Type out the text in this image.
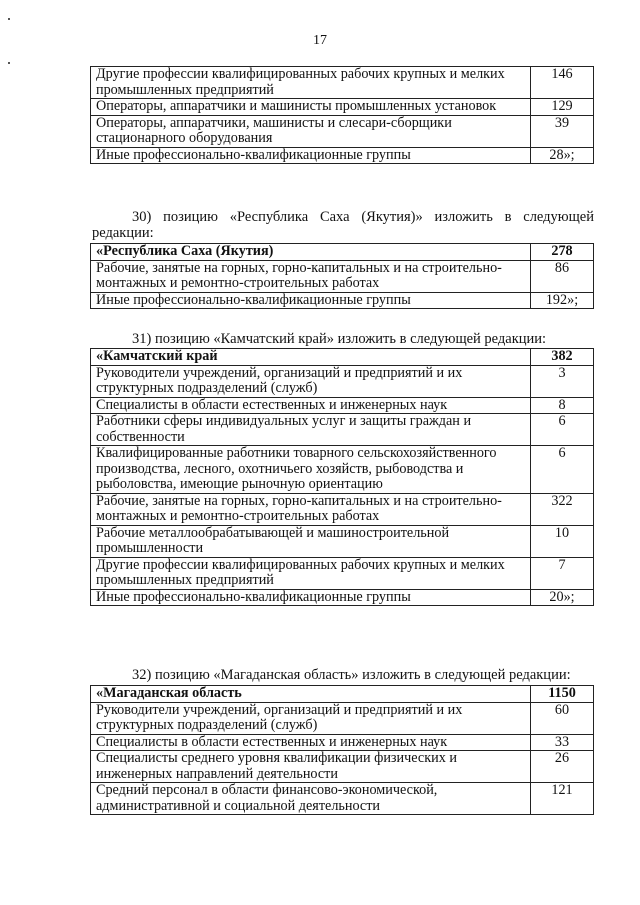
17
Другие профессии квалифицированных рабочих крупных и мелких промышленных предприятий	146
Операторы, аппаратчики и машинисты промышленных установок	129
Операторы, аппаратчики, машинисты и слесари-сборщики стационарного оборудования	39
Иные профессионально-квалификационные группы	28»;
30) позицию «Республика Саха (Якутия)» изложить в следующей редакции:
«Республика Саха (Якутия)	278
Рабочие, занятые на горных, горно-капитальных и на строительно-монтажных и ремонтно-строительных работах	86
Иные профессионально-квалификационные группы	192»;
31) позицию «Камчатский край» изложить в следующей редакции:
«Камчатский край	382
Руководители учреждений, организаций и предприятий и их структурных подразделений (служб)	3
Специалисты в области естественных и инженерных наук	8
Работники сферы индивидуальных услуг и защиты граждан и собственности	6
Квалифицированные работники товарного сельскохозяйственного производства, лесного, охотничьего хозяйств, рыбоводства и рыболовства, имеющие рыночную ориентацию	6
Рабочие, занятые на горных, горно-капитальных и на строительно-монтажных и ремонтно-строительных работах	322
Рабочие металлообрабатывающей и машиностроительной промышленности	10
Другие профессии квалифицированных рабочих крупных и мелких промышленных предприятий	7
Иные профессионально-квалификационные группы	20»;
32) позицию «Магаданская область» изложить в следующей редакции:
«Магаданская область	1150
Руководители учреждений, организаций и предприятий и их структурных подразделений (служб)	60
Специалисты в области естественных и инженерных наук	33
Специалисты среднего уровня квалификации физических и инженерных направлений деятельности	26
Средний персонал в области финансово-экономической, административной и социальной деятельности	121
